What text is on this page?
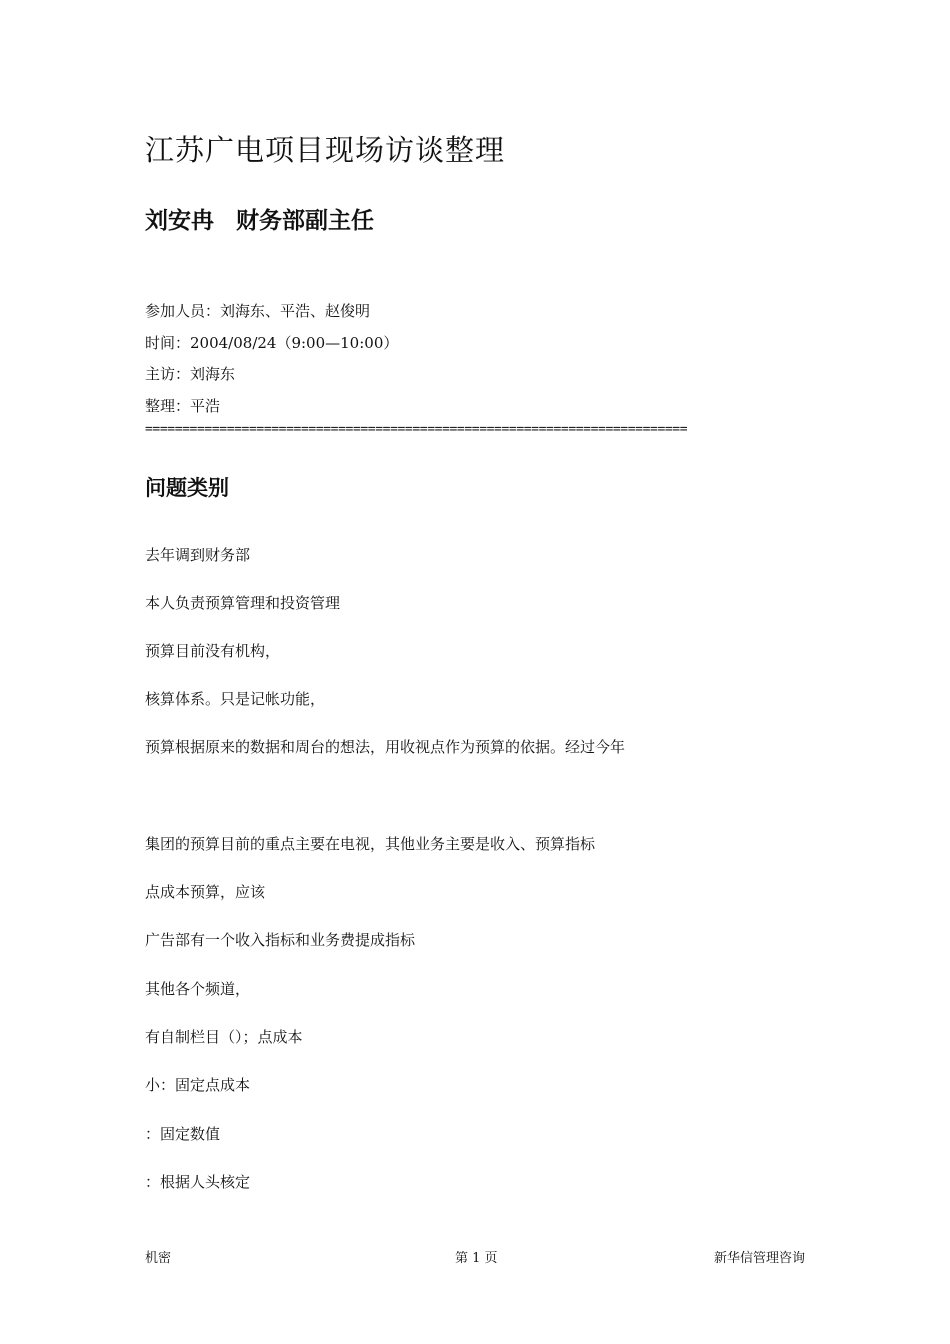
江苏广电项目现场访谈整理
刘安冉 财务部副主任
参加人员：刘海东、平浩、赵俊明
时间：2004/08/24（9:00—10:00）
主访：刘海东
整理：平浩
=========================================================================
问题类别
去年调到财务部
本人负责预算管理和投资管理
预算目前没有机构，
核算体系。只是记帐功能，
预算根据原来的数据和周台的想法，用收视点作为预算的依据。经过今年
集团的预算目前的重点主要在电视，其他业务主要是收入、预算指标
点成本预算，应该
广告部有一个收入指标和业务费提成指标
其他各个频道，
有自制栏目（）；点成本
小：固定点成本
：固定数值
：根据人头核定
机密	第 1 页	新华信管理咨询
